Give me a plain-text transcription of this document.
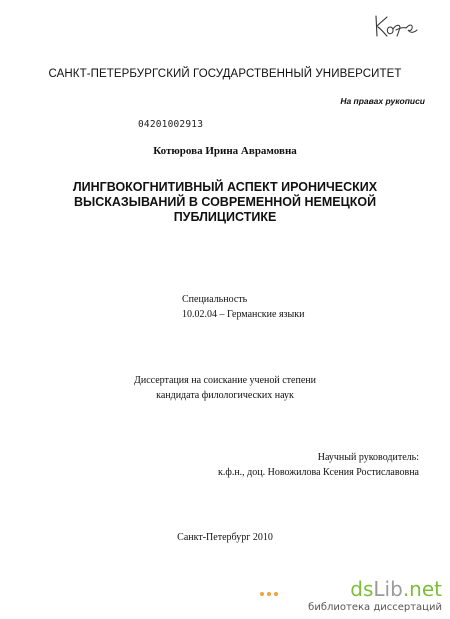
САНКТ-ПЕТЕРБУРГСКИЙ ГОСУДАРСТВЕННЫЙ УНИВЕРСИТЕТ
На правах рукописи
04201002913
Котюрова Ирина Аврамовна
ЛИНГВОКОГНИТИВНЫЙ АСПЕКТ ИРОНИЧЕСКИХ
ВЫСКАЗЫВАНИЙ В СОВРЕМЕННОЙ НЕМЕЦКОЙ
ПУБЛИЦИСТИКЕ
Специальность
10.02.04 – Германские языки
Диссертация на соискание ученой степени
кандидата филологических наук
Научный руководитель:
к.ф.н., доц. Новожилова Ксения Ростиславовна
Санкт-Петербург 2010
dsLib.net
библиотека диссертаций
